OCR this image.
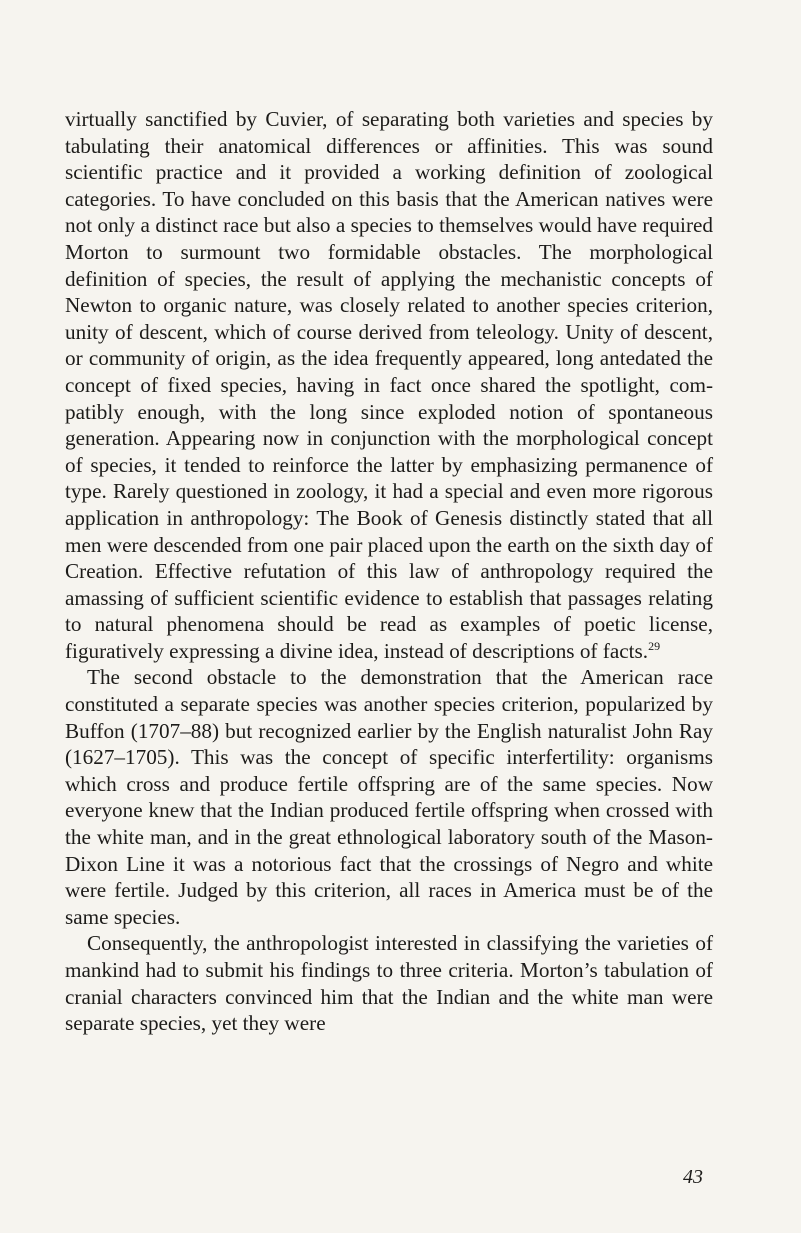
virtually sanctified by Cuvier, of separating both varieties and species by tabulating their anatomical differences or affinities. This was sound scientific practice and it provided a working definition of zoological categories. To have concluded on this basis that the American natives were not only a distinct race but also a species to themselves would have required Morton to surmount two formidable obstacles. The morphological definition of species, the result of applying the mechanistic concepts of Newton to organic nature, was closely related to another species criterion, unity of descent, which of course derived from teleology. Unity of descent, or community of origin, as the idea frequently appeared, long antedated the concept of fixed species, having in fact once shared the spotlight, compatibly enough, with the long since exploded notion of spontaneous generation. Appearing now in conjunction with the morphological concept of species, it tended to reinforce the latter by emphasizing permanence of type. Rarely questioned in zoology, it had a special and even more rigorous application in anthropology: The Book of Genesis distinctly stated that all men were descended from one pair placed upon the earth on the sixth day of Creation. Effective refutation of this law of anthropology required the amassing of sufficient scientific evidence to establish that passages relating to natural phenomena should be read as examples of poetic license, figuratively expressing a divine idea, instead of descriptions of facts.$^{29}$

The second obstacle to the demonstration that the American race constituted a separate species was another species criterion, popularized by Buffon (1707–88) but recognized earlier by the English naturalist John Ray (1627–1705). This was the concept of specific interfertility: organisms which cross and produce fertile offspring are of the same species. Now everyone knew that the Indian produced fertile offspring when crossed with the white man, and in the great ethnological laboratory south of the Mason-Dixon Line it was a notorious fact that the crossings of Negro and white were fertile. Judged by this criterion, all races in America must be of the same species.

Consequently, the anthropologist interested in classifying the varieties of mankind had to submit his findings to three criteria. Morton’s tabulation of cranial characters convinced him that the Indian and the white man were separate species, yet they were

43
